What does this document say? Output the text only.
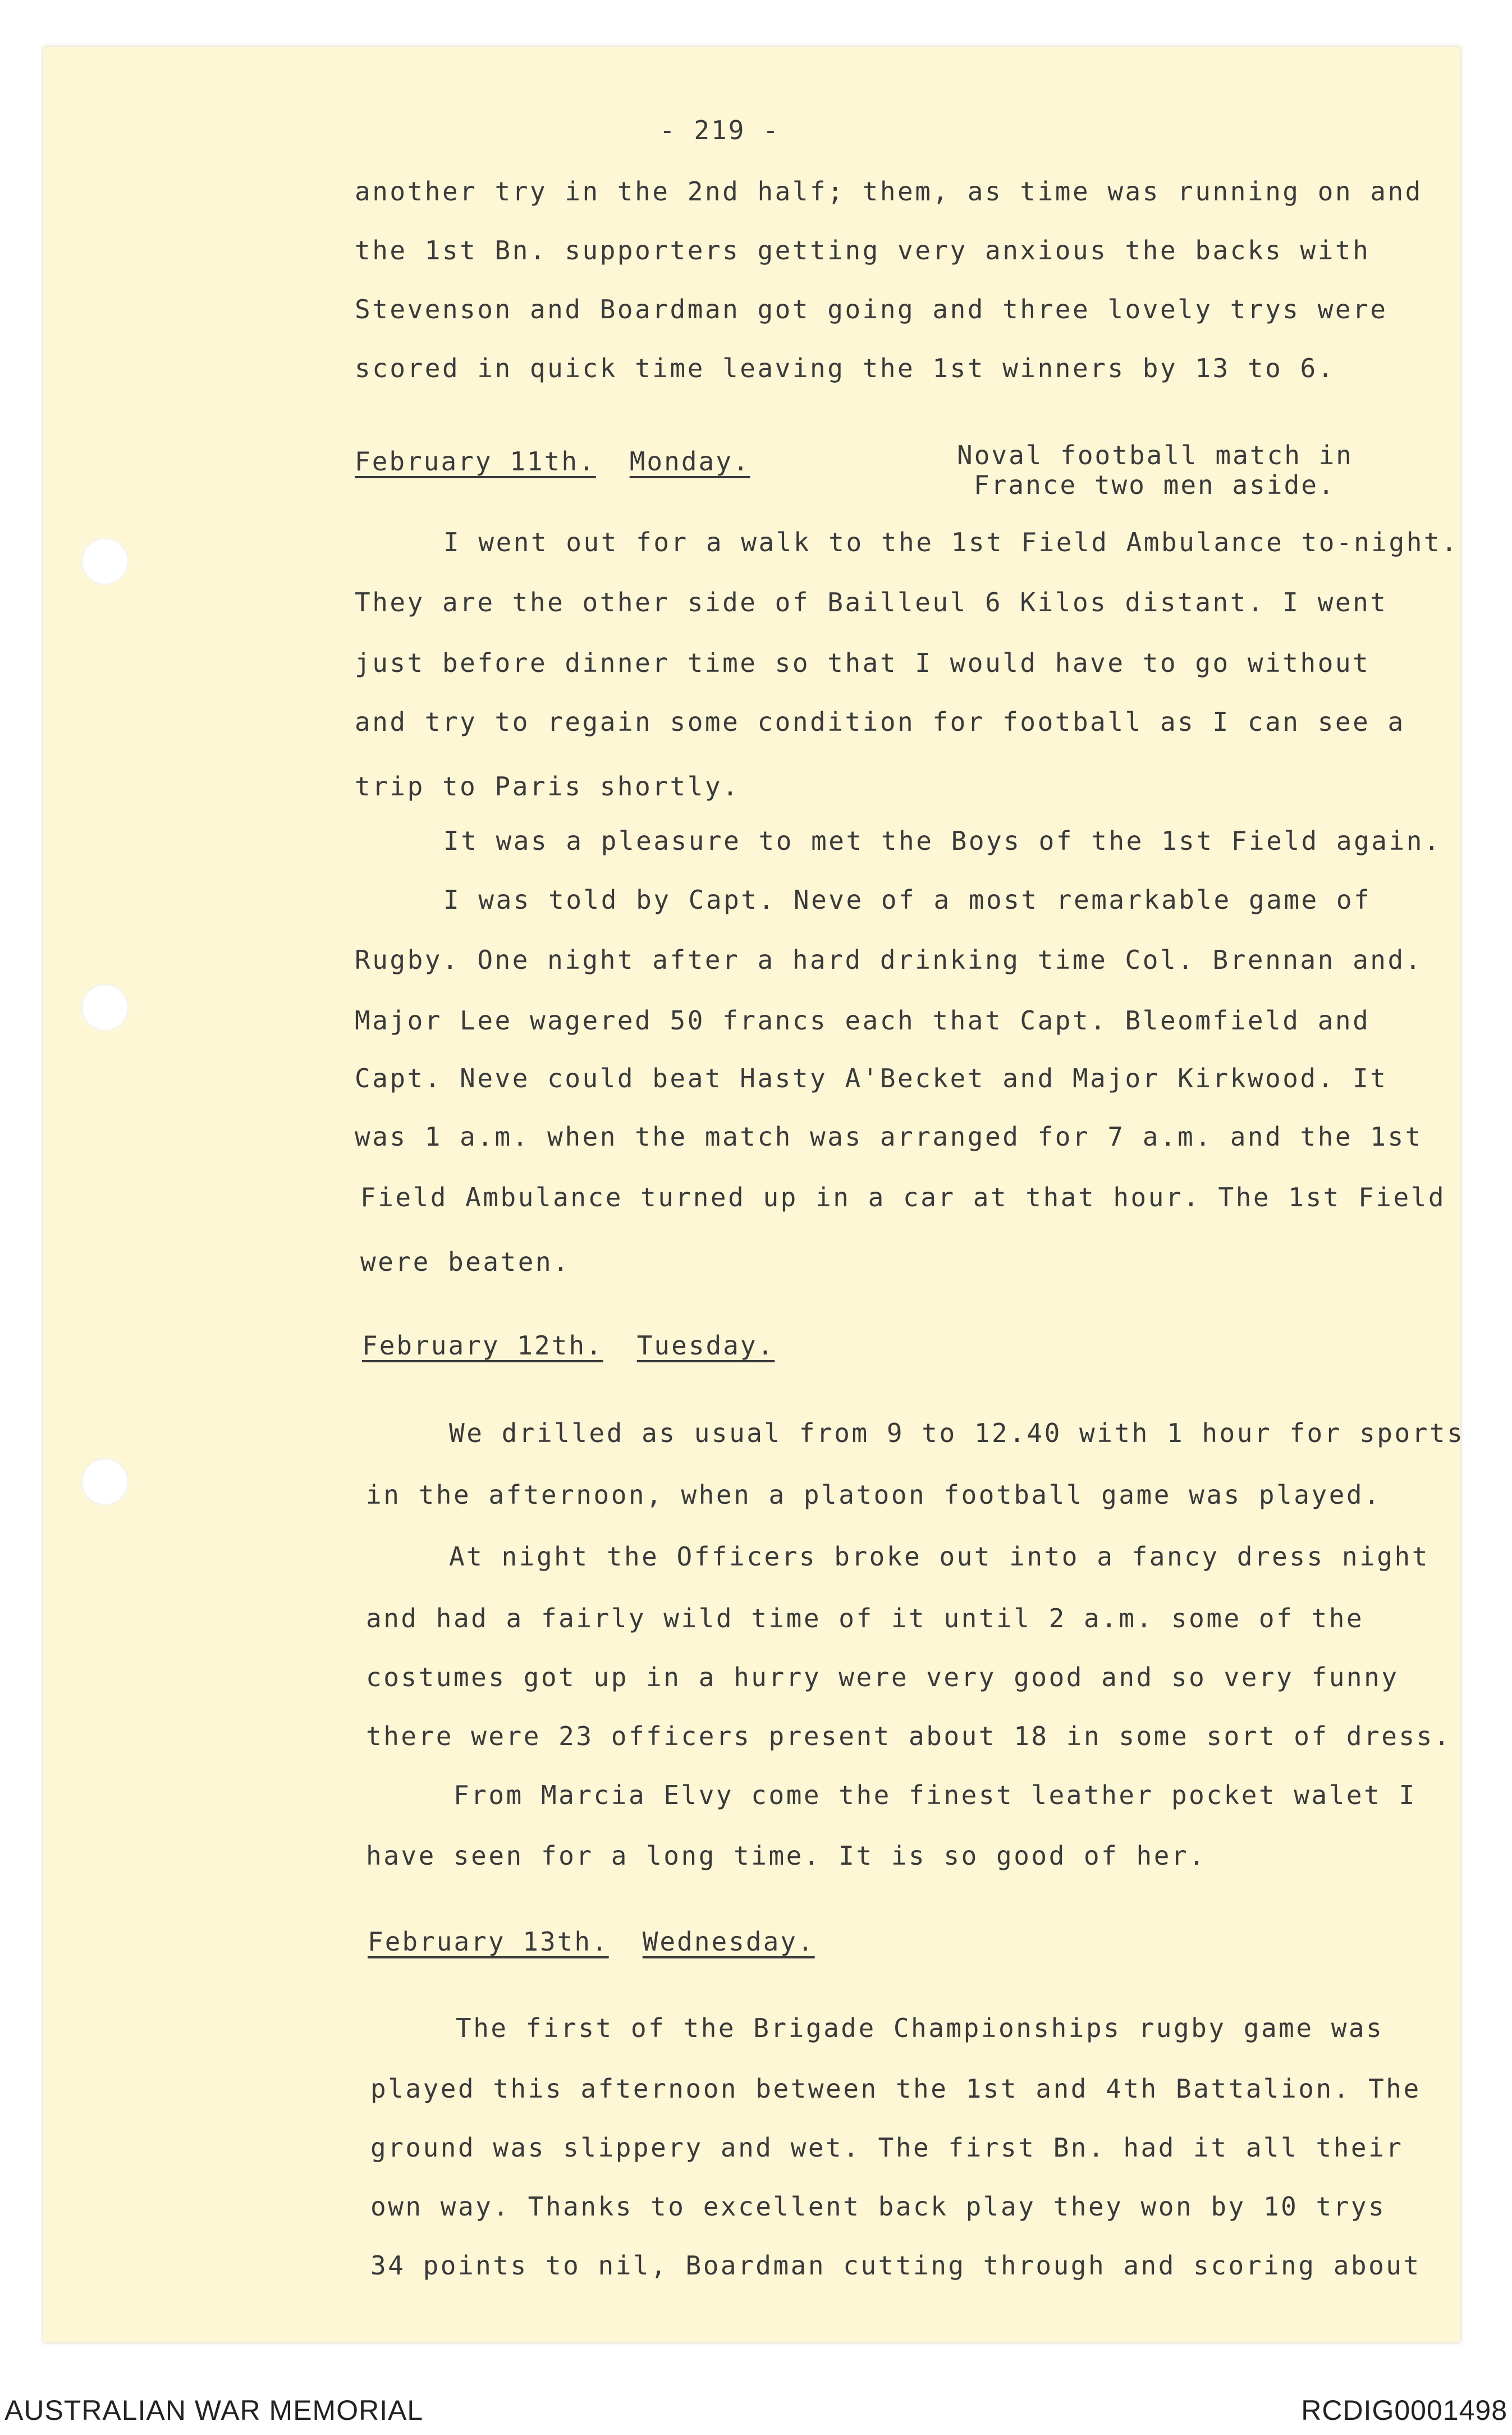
- 219 -
another try in the 2nd half; them, as time was running on and
the 1st Bn. supporters getting very anxious the backs with
Stevenson and Boardman got going and three lovely trys were
scored in quick time leaving the 1st winners by 13 to 6.
February 11th. Monday.	Noval football match in
France two men aside.
I went out for a walk to the 1st Field Ambulance to-night.
They are the other side of Bailleul 6 Kilos distant. I went
just before dinner time so that I would have to go without
and try to regain some condition for football as I can see a
trip to Paris shortly.
It was a pleasure to met the Boys of the 1st Field again.
I was told by Capt. Neve of a most remarkable game of
Rugby. One night after a hard drinking time Col. Brennan and.
Major Lee wagered 50 francs each that Capt. Bleomfield and
Capt. Neve could beat Hasty A'Becket and Major Kirkwood. It
was 1 a.m. when the match was arranged for 7 a.m. and the 1st
Field Ambulance turned up in a car at that hour. The 1st Field
were beaten.
February 12th. Tuesday.
We drilled as usual from 9 to 12.40 with 1 hour for sports
in the afternoon, when a platoon football game was played.
At night the Officers broke out into a fancy dress night
and had a fairly wild time of it until 2 a.m. some of the
costumes got up in a hurry were very good and so very funny
there were 23 officers present about 18 in some sort of dress.
From Marcia Elvy come the finest leather pocket walet I
have seen for a long time. It is so good of her.
February 13th. Wednesday.
The first of the Brigade Championships rugby game was
played this afternoon between the 1st and 4th Battalion. The
ground was slippery and wet. The first Bn. had it all their
own way. Thanks to excellent back play they won by 10 trys
34 points to nil, Boardman cutting through and scoring about
AUSTRALIAN WAR MEMORIAL	RCDIG0001498
